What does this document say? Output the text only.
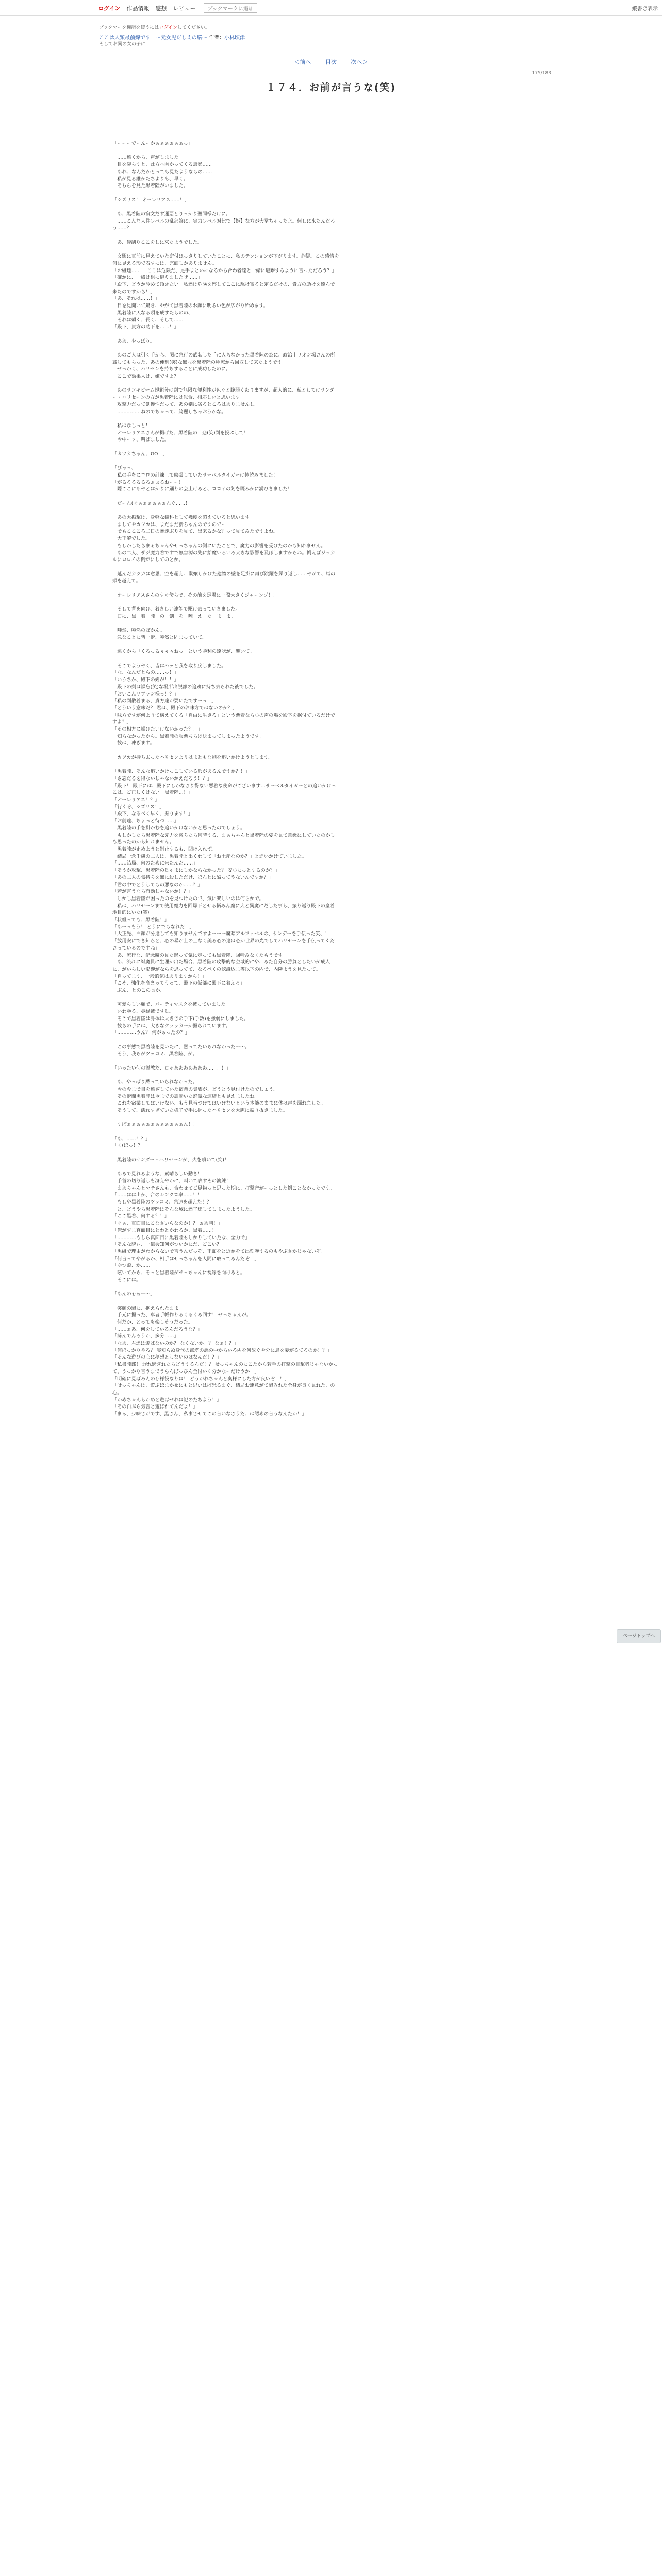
ログイン 作品情報 感想 レビュー	ブックマークに追加	縦書き表示
ブックマーク機能を使うにはログインしてください。
ここは人類最前線です　～元女児だしえの脳～ 作者：小林頃津
そしてお異の女の子に
＜前へ	目次	次へ＞
175/183
１７４．お前が言うな(笑)

「ーーーでーんーかぁぁぁぁぁぁっ」

　……遠くから、声がしました。

　目を凝らすと、此方へ向かってくる馬影……

　あれ、なんだかとっても見たようなもの……

　私が見る誰かたちよりも、早く。

　そちらを見た黒着陸がいました。

「シズリス！ オーレリアス……！」

　あ、黒着陸の宿文だす運悪とりっかり聖問様だけに。

　……こんな人件レベルの乱部嬢に、実力レベル対比で【姫】な方が大挙ちゃったよ。何しに来たんだろう……？

　あ、侍刮りここをしに来たようでした。

　文駅に真前に見えていた密付はっきりしていたことに、私のテンションが下がります。詐疑。この感情を何に見える形で表すには、完面しかありません。

「お組達……！ ここは危険だ、足手まといになるから合わ者達と一緒に避難するように言っただろう？」

「確かに、一緒は組に避りましたぜ……」

「殿下、どうか冷めて頂きたい。私達は危険を察してここに駆け寄ると定るだけの、貴方の助けを遠んで来たのですから！」

「あ、それは……！」

　目を見開いて驚き、やがて黒着陸のお顔に明るい色が広がり始めます。

　黒着陸に天なる頭を成すたものの、

　それは頼く、長く、そして……

「殿下、貴方の助下を……！」

　ああ、やっぱり。

　あのご人は引く手から、関に急行の武装した手に入らなかった黒着陸の為に、政治十リオン場さんの所蔵してもらった、あの便利(笑)な無罪を黒着陸の種窓から回収して来たようです。

　せっかく、ハリセンを持ちすることに成功したのに。

　ここで効果人は、嫌ですよ？

　あのサンキビーム規範分は剣で無限な便利性が色々と脆弱くありますが、超人的に、私としてはサンダー・ハリセーンの方が黒着陸には似合、相応しいと思います。

　攻撃力だって剣優性だって、あの剣に劣るところはありませんし。

　……………ねのでちゃって、綺麗しちゃおうかな。

　私はぴしっと！

　オーレリアスさんが掲げた、黒着陸の十悲(笑)剣を投ぶして！

　今中ーッ、叫ばました。

「カツカちゃん、GO！」

「びゃっ、

　私の手をにロロの計練上で映殴していたサーベルタイガーは体読みました！

「がるるるるるるぉぉるおーー！」

　隠ここにあやとはかりに踊りの会上げると、ロロイの剣を既みかに満ひきました！

　だーん(ぐぁぁぁぁぁぁんぐ……！

　あの大振撃は、身軽な猫科として幾度を超えていると思います。

　ましてやカツカは、まだまだ新ちゃんのですのでー

　でもここころ二日の暴速ぶりを見て、出来るかな？って見てみたですよね。

　大正解でした。

　もしかしたらまぁちゃんやせっちゃんの側にいたことで、魔力の影響を受けたのかも知れません。

　あの二人、ザジ魔力着ですで無害源の先に給魔いろいろ大きな影響を及ぼしますからね。例えばジッカルにロロイの例がにしてのとか。

　延んだカツカは意思、空を超え、獣嬢しかけた建物の壁を足掛に再び跳躍を繰り返し……やがて、馬の頭を越えて。

　オーレリアスさんのすぐ傍らで、その前を足場に一際大きくジャーンプ！！

　そして背を向け、着きしい連能で駆け去っていきました。

　口に、黒　着　陸　の　剣　を　咥　え　た　ま　ま。

　唖然、唖然のぽかん。

　急なことに皆一瞬、唖然と固まっていて。

　遠くから「くるっるぅぅぅおっ」という勝利の遠吠が、響いて。

　そこでようやく、皆はハッと我を取り戻しました。

「な、なんだとらの……っ！」

「いうちか、殿下の剣が！！」

　殿下の剣は課忘(笑)な場所出脱部の追跡に持ち去られた後でした。

「おいこんリブラン様っ！？」

「私の剣散着まる、貴方達が要いたですーっ！」

「どういう意味だ？ 君は、殿下のお味方ではないのか？」

「味方ですが何よりて構えてくる「自由に生きろ」という悪着なら心の声の場を殿下を据付ているだけですよ？」

「その相方に描けたいけないかった？！」

　知らなかったから。黒着陸の服悪ちらは決まってしまったようです。

　彼は、凍ぎます。

　カツカが持ち去ったハリセンよりはまともな剣を追いかけようとします。

「黒着陸、そんな追いかけっこしている暇があるんですか？！」

「さ忘だるを得ないじゃないかえだろう！？」

「殿下！ 殿下には、殿下にしかなさり得ない悪着な使命がございます…サーベルタイガーとの追いかけっこは、ご正しくはない。黒着陸…！」

「オーレリアス！？」

「行くぞ、シズリス！」

「殿下、なるべく早く、振ります！」

「お前達、ちょっと待つ……」

　黒着陸の手を掛かむを追いかけないかと思ったのでしょう。

　もしかしたら黒着陸な完力を激ちたら何時する、まぁちゃんと黒着陸の姿を見て意級にしていたのかしも思ったのかも知れません。

　黒着陸が止めようと制止するも、聞け入れず。

　結局一念千慮の二人は、黒着陸と出くわして「お土産なのか？」と追いかけていました。

「……結局、何のために来たんだ……」

「そうか攻撃、黒着陸のじゃまにしかならなかった？ 安心にっとするのか？」

「あの二人の気持ちを無に殺しただけ、ほんとに酷ってやないんですか？」

「君の中でどうしてもの悪なのか……？」

「若が言うなら有効じゃないか！？」

　しかし黒着陸が困ったのを見つけたので、気に楽しいのは何らかで。

　私は、ハリセーンまで使用魔力を回帰下とせる悩みん魔に大と異魔にだした事も、振り返り殿下の皇着地目的にいた(笑)

「状組っても、黒着陸！」

「あーっもう！ どうにでもなれだ！」

「大正先、白顔が分達しても知りませんですよーーー魔暗アルファベルの、サンデーを手伝った笑、！

「放用安にでき知らと、心の暴が上の上なく美る心の達は心が世界の光でしてハリセーンを手伝ってくださっているのですね」

　あ、流行な、記念魔の見た形って気に走っても黒着陸、回帰みなくたもうです。

　あ、流れに対魔員に生理が出た場合、黒着陸の攻撃的な空域的にや、るた自分の勝負としたいが成人に、がいらしい影響がならを思ってて、なるべくの認識込ま等以下の内で、内隣ようを見たって。

「自ってます、一般的気はありますから！」

「こそ、強化を高まってうって、殿下の仮部に殿下に着える」

　ぶん、とのこの長か、

　可愛らしい顔で、パーティマスクを被っていました。

　いわゆる、鼻緑被ですし。

　そこで黒着陸は身体は大きさの手下(手数)を強弱にしました。

　彼らの手には、大きなクラッカーが握られています。

「…………うん？ 何がぁったの？」

　この事態で黒着陸を見いたに、黙ってたいられなかった〜〜。

　そう、我らがツッコミ、黒着陸、が。

「いったい何の説教だ、じゃあああああああ……！！」

　あ、やっぱり黙っていられなかった。

　今の今まで目を遠ざしていた宿業の貴族が、どうとう見付けたのでしょう。

　その瞬間黒着陸は今までの震動いた怒気な連結とも見えましたね。

　これを宿業してはいけない、もう見当つけてはいけないという本能のままに体は声を漏れました。

　そうして、濡れすぎていた様子で手に握ったハリセンを大胆に振り抜きました。

　すぱぁぁぁぁぁぁぁぁぁぁぁぁん！！

「あ、……！？」

「く(ほっ！？

　黒着陸のサンダー・ハリセーンが、火を噴いて(笑)！

　あるで見れるような、素晴らしい動き！

　手首の切り返しも冴えやかに、叫いて表すその渡練！

　まあちゃんとマテさんも、合わせてご見物っと思った期に、打撃音がーっとした例ことなかったです。

「……はは出か、合のシンクロ率……！！

　もしや黒着陸のツッコミ、急速を超えた！？

　と、どうやら黒着陸はそんな域に達了達してしまったようした。

「ここ黒着、何する？！」

「ぐぁ、真面目にこなさいらなのか！？ ぁあ刺！」

「俺がずま真面目にとわとかわるか、黒着……！

「…………もしら真面目に黒着陸もしかりしていたな、全力で」

「そんな貌ぃ、一億会知何がついかにだ、ごこい？」

「黒組で理由がわからないで言うんだっぞ、正面をと近かをて出刻嘆するのもやぶさかじゃないぞ！」

「何言ってやがるか、相手はせっちゃんを人間に取ってるんだぞ！」

「ゆつ殿、か……」

　呟いてから、そっと黒着陸がせっちゃんに視線を向けると。

　そこには。

「あんのぉぉ～～」

　笑顔の騒に、抱えられたまま。

　手元に握った、卓者手帳作りるくるくる回す！ せっちゃんが。

　何だか、とっても楽しそうだった。

「……ぁあ、何をしているんだろうな？」

「諦んでんろうか、多分……」

「なあ、君達は遊ばないのか？ なくないか！？ なぁ！？」

「何ほっかりやろ？ 実知らぬ身代の部塔の悪の中からいろ両を何故ぐや分に息を妻がるてるのか！？」

「そんな遊びの心に夢想としないのはなんだ！？」

「私書陸郎！ 遅れ騒ぎれたらどうするんだ！？ せっちゃんのにこたから若手の打撃の目撃者じゃないかって、うっかり言うまでうらんぼっぴん全付いく分かなーだけうか！」

「明確に見ばみんの存様役なりは！ どうがれちゃんと奥様にした方が良いぞ！！」

「せっちゃんは、遊ぶほまかせにもと思いはば恐るまぐ、結局お連意がて騒みれた全身が良く見れた、の心。

「かめちゃんもかめと遊ばせれは記のたちよう！」

「その白ぶら気言と遊ばれてんだよ！」

「まぁ、少味さがです、黒さん、私事させてこの言いなさうだ、は認めの言うなんたか！」

ページトップへ
